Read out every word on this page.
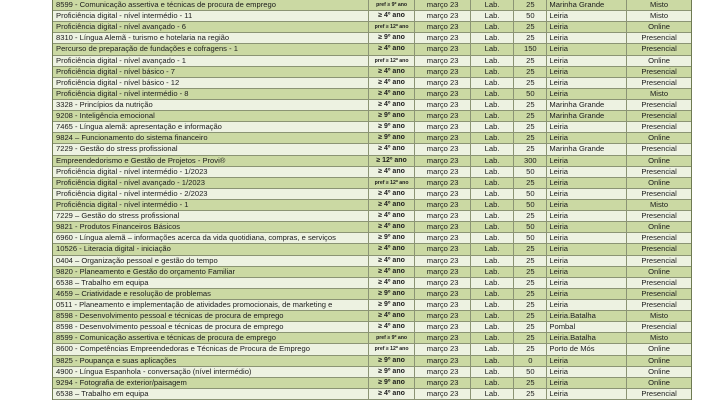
8599 - Comunicação assertiva e técnicas de procura de emprego	pref ≥ 9º ano	março 23	Lab.	25	Marinha Grande	Misto
Proficiência digital - nível intermédio - 11	≥ 4º ano	março 23	Lab.	50	Leiria	Misto
Proficiência digital - nível avançado - 6	pref ≥ 12º ano	março 23	Lab.	25	Leiria	Online
8310 - Língua Alemã - turismo e hotelaria na região	≥ 9º ano	março 23	Lab.	25	Leiria	Presencial
Percurso de preparação de fundações e cofragens - 1	≥ 4º ano	março 23	Lab.	150	Leiria	Presencial
Proficiência digital - nível avançado - 1	pref ≥ 12º ano	março 23	Lab.	25	Leiria	Online
Proficiência digital - nível básico - 7	≥ 4º ano	março 23	Lab.	25	Leiria	Presencial
Proficiência digital - nível básico - 12	≥ 4º ano	março 23	Lab.	25	Leiria	Presencial
Proficiência digital - nível intermédio - 8	≥ 4º ano	março 23	Lab.	50	Leiria	Misto
3328 - Princípios da nutrição	≥ 4º ano	março 23	Lab.	25	Marinha Grande	Presencial
9208 - Inteligência emocional	≥ 9º ano	março 23	Lab.	25	Marinha Grande	Presencial
7465 - Língua alemã: apresentação e informação	≥ 9º ano	março 23	Lab.	25	Leiria	Presencial
9824 – Funcionamento do sistema financeiro	≥ 9º ano	março 23	Lab.	25	Leiria	Online
7229 - Gestão do stress profissional	≥ 4º ano	março 23	Lab.	25	Marinha Grande	Presencial
Empreendedorismo e Gestão de Projetos - Provi®	≥ 12º ano	março 23	Lab.	300	Leiria	Online
Proficiência digital - nível intermédio - 1/2023	≥ 4º ano	março 23	Lab.	50	Leiria	Presencial
Proficiência digital - nível avançado - 1/2023	pref ≥ 12º ano	março 23	Lab.	25	Leiria	Online
Proficiência digital - nível intermédio - 2/2023	≥ 4º ano	março 23	Lab.	50	Leiria	Presencial
Proficiência digital - nível intermédio - 1	≥ 4º ano	março 23	Lab.	50	Leiria	Misto
7229 – Gestão do stress profissional	≥ 4º ano	março 23	Lab.	25	Leiria	Presencial
9821 - Produtos Financeiros Básicos	≥ 4º ano	março 23	Lab.	50	Leiria	Online
6960 - Língua alemã – informações acerca da vida quotidiana, compras, e serviços	≥ 9º ano	março 23	Lab.	50	Leiria	Presencial
10526 - Literacia digital - iniciação	≥ 4º ano	março 23	Lab.	25	Leiria	Presencial
0404 – Organização pessoal e gestão do tempo	≥ 4º ano	março 23	Lab.	25	Leiria	Presencial
9820 - Planeamento e Gestão do orçamento Familiar	≥ 4º ano	março 23	Lab.	25	Leiria	Online
6538 – Trabalho em equipa	≥ 4º ano	março 23	Lab.	25	Leiria	Presencial
4659 – Criatividade e resolução de problemas	≥ 9º ano	março 23	Lab.	25	Leiria	Presencial
0511 - Planeamento e implementação de atividades promocionais, de marketing e	≥ 9º ano	março 23	Lab.	25	Leiria	Presencial
8598 - Desenvolvimento pessoal e técnicas de procura de emprego	≥ 4º ano	março 23	Lab.	25	Leiria.Batalha	Misto
8598 - Desenvolvimento pessoal e técnicas de procura de emprego	≥ 4º ano	março 23	Lab.	25	Pombal	Presencial
8599 - Comunicação assertiva e técnicas de procura de emprego	pref ≥ 9º ano	março 23	Lab.	25	Leiria.Batalha	Misto
8600 - Competências Empreendedoras e Técnicas de Procura de Emprego	pref ≥ 12º ano	março 23	Lab.	25	Porto de Mós	Online
9825 - Poupança e suas aplicações	≥ 9º ano	março 23	Lab.	0	Leiria	Online
4900 - Língua Espanhola - conversação (nível intermédio)	≥ 9º ano	março 23	Lab.	50	Leiria	Online
9294 - Fotografia de exterior/paisagem	≥ 9º ano	março 23	Lab.	25	Leiria	Online
6538 – Trabalho em equipa	≥ 4º ano	março 23	Lab.	25	Leiria	Presencial
